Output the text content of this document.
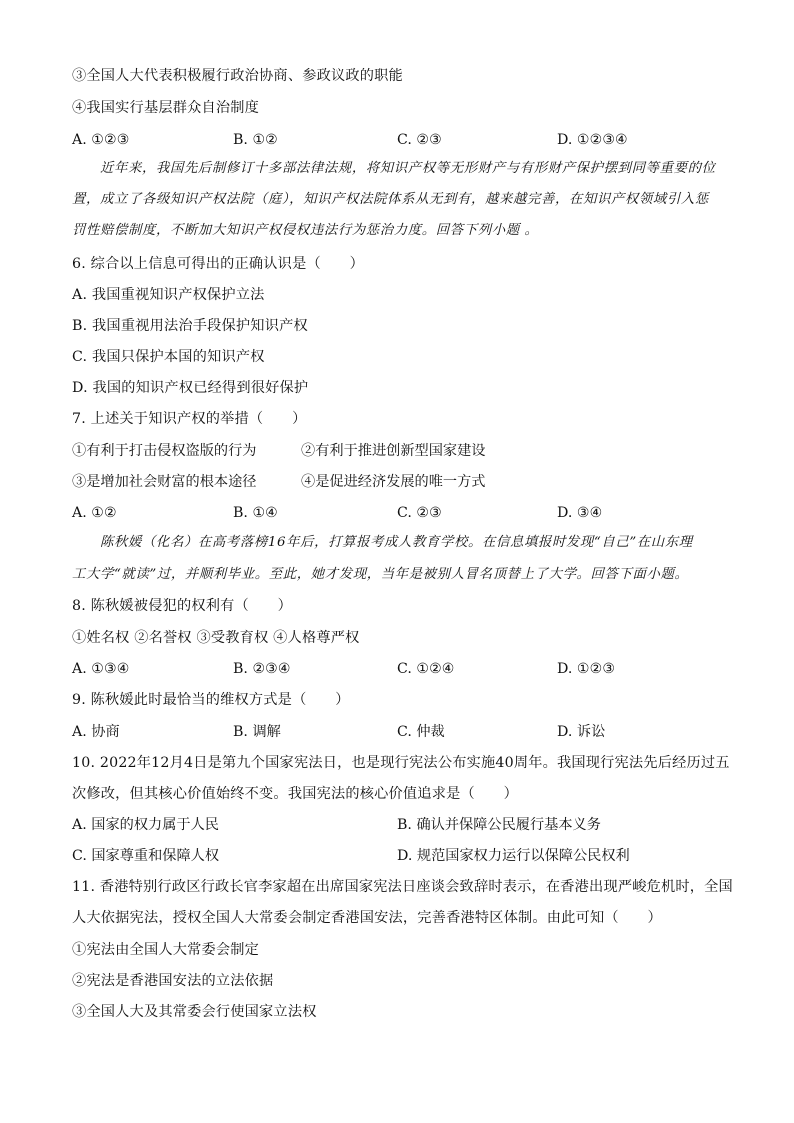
③全国人大代表积极履行政治协商、参政议政的职能
④我国实行基层群众自治制度
A. ①②③	B. ①②	C. ②③	D. ①②③④
近年来，我国先后制修订十多部法律法规，将知识产权等无形财产与有形财产保护摆到同等重要的位
置，成立了各级知识产权法院（庭），知识产权法院体系从无到有，越来越完善，在知识产权领域引入惩
罚性赔偿制度，不断加大知识产权侵权违法行为惩治力度。回答下列小题 。
6. 综合以上信息可得出的正确认识是（　　）
A. 我国重视知识产权保护立法
B. 我国重视用法治手段保护知识产权
C. 我国只保护本国的知识产权
D. 我国的知识产权已经得到很好保护
7. 上述关于知识产权的举措（　　）
①有利于打击侵权盗版的行为	②有利于推进创新型国家建设
③是增加社会财富的根本途径	④是促进经济发展的唯一方式
A. ①②	B. ①④	C. ②③	D. ③④
陈秋媛（化名）在高考落榜16年后，打算报考成人教育学校。在信息填报时发现“自己”在山东理
工大学“就读”过，并顺利毕业。至此，她才发现，当年是被别人冒名顶替上了大学。回答下面小题。
8. 陈秋媛被侵犯的权利有（　　）
①姓名权 ②名誉权 ③受教育权 ④人格尊严权
A. ①③④	B. ②③④	C. ①②④	D. ①②③
9. 陈秋媛此时最恰当的维权方式是（　　）
A. 协商	B. 调解	C. 仲裁	D. 诉讼
10. 2022年12月4日是第九个国家宪法日，也是现行宪法公布实施40周年。我国现行宪法先后经历过五
次修改，但其核心价值始终不变。我国宪法的核心价值追求是（　　）
A. 国家的权力属于人民	B. 确认并保障公民履行基本义务
C. 国家尊重和保障人权	D. 规范国家权力运行以保障公民权利
11. 香港特别行政区行政长官李家超在出席国家宪法日座谈会致辞时表示，在香港出现严峻危机时，全国
人大依据宪法，授权全国人大常委会制定香港国安法，完善香港特区体制。由此可知（　　）
①宪法由全国人大常委会制定
②宪法是香港国安法的立法依据
③全国人大及其常委会行使国家立法权
